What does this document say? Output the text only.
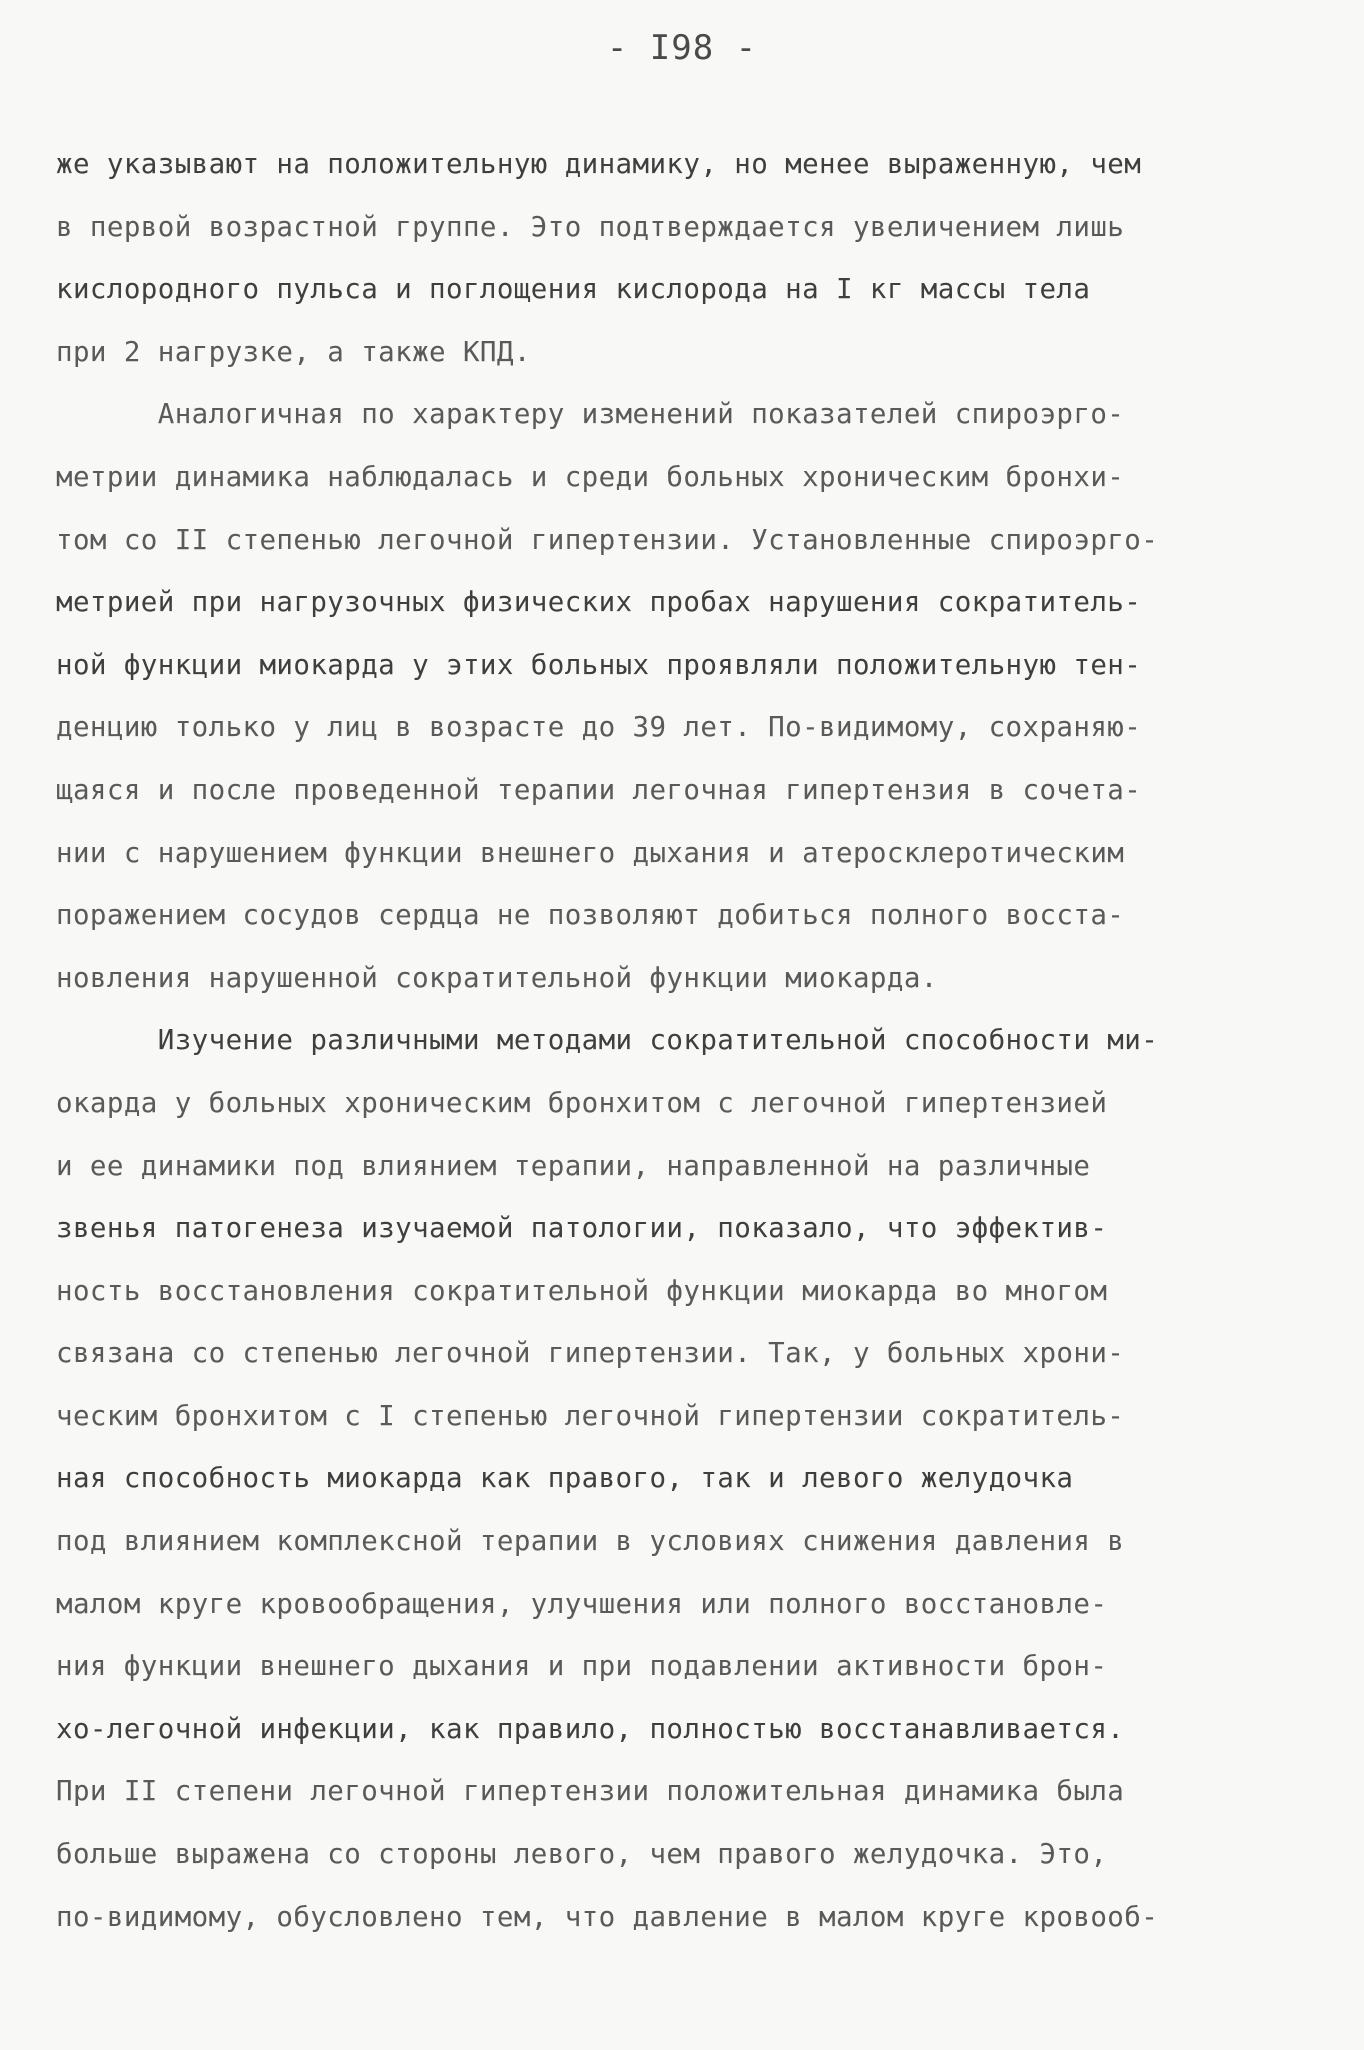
- I98 -
же указывают на положительную динамику, но менее выраженную, чем
в первой возрастной группе. Это подтверждается увеличением лишь
кислородного пульса и поглощения кислорода на I кг массы тела
при 2 нагрузке, а также КПД.
Аналогичная по характеру изменений показателей спироэрго-
метрии динамика наблюдалась и среди больных хроническим бронхи-
том со II степенью легочной гипертензии. Установленные спироэрго-
метрией при нагрузочных физических пробах нарушения сократитель-
ной функции миокарда у этих больных проявляли положительную тен-
денцию только у лиц в возрасте до 39 лет. По-видимому, сохраняю-
щаяся и после проведенной терапии легочная гипертензия в сочета-
нии с нарушением функции внешнего дыхания и атеросклеротическим
поражением сосудов сердца не позволяют добиться полного восста-
новления нарушенной сократительной функции миокарда.
Изучение различными методами сократительной способности ми-
окарда у больных хроническим бронхитом с легочной гипертензией
и ее динамики под влиянием терапии, направленной на различные
звенья патогенеза изучаемой патологии, показало, что эффектив-
ность восстановления сократительной функции миокарда во многом
связана со степенью легочной гипертензии. Так, у больных хрони-
ческим бронхитом с I степенью легочной гипертензии сократитель-
ная способность миокарда как правого, так и левого желудочка
под влиянием комплексной терапии в условиях снижения давления в
малом круге кровообращения, улучшения или полного восстановле-
ния функции внешнего дыхания и при подавлении активности брон-
хо-легочной инфекции, как правило, полностью восстанавливается.
При II степени легочной гипертензии положительная динамика была
больше выражена со стороны левого, чем правого желудочка. Это,
по-видимому, обусловлено тем, что давление в малом круге кровооб-
